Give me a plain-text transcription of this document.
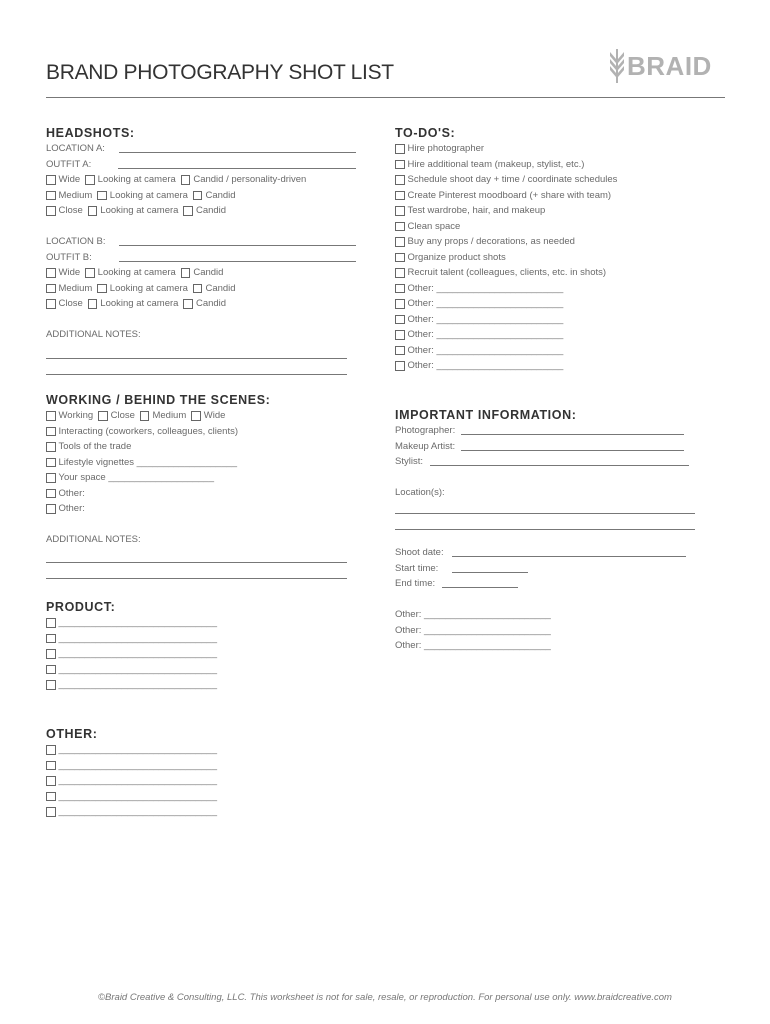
BRAND PHOTOGRAPHY SHOT LIST	BRAID
HEADSHOTS:
LOCATION A:
OUTFIT A:
Wide Looking at camera Candid / personality-driven
Medium Looking at camera Candid
Close Looking at camera Candid
LOCATION B:
OUTFIT B:
Wide Looking at camera Candid
Medium Looking at camera Candid
Close Looking at camera Candid
ADDITIONAL NOTES:
TO-DO'S:
Hire photographer
Hire additional team (makeup, stylist, etc.)
Schedule shoot day + time / coordinate schedules
Create Pinterest moodboard (+ share with team)
Test wardrobe, hair, and makeup
Clean space
Buy any props / decorations, as needed
Organize product shots
Recruit talent (colleagues, clients, etc. in shots)
Other: ________________________
Other: ________________________
Other: ________________________
Other: ________________________
Other: ________________________
Other: ________________________
WORKING / BEHIND THE SCENES:
Working Close Medium Wide
Interacting (coworkers, colleagues, clients)
Tools of the trade
Lifestyle vignettes ___________________
Your space ____________________
Other:
Other:
ADDITIONAL NOTES:
IMPORTANT INFORMATION:
Photographer:
Makeup Artist:
Stylist:
Location(s):
Shoot date:
Start time:
End time:
Other: ________________________
Other: ________________________
Other: ________________________
PRODUCT:
______________________________
______________________________
______________________________
______________________________
______________________________
OTHER:
______________________________
______________________________
______________________________
______________________________
______________________________
©Braid Creative & Consulting, LLC. This worksheet is not for sale, resale, or reproduction. For personal use only. www.braidcreative.com
